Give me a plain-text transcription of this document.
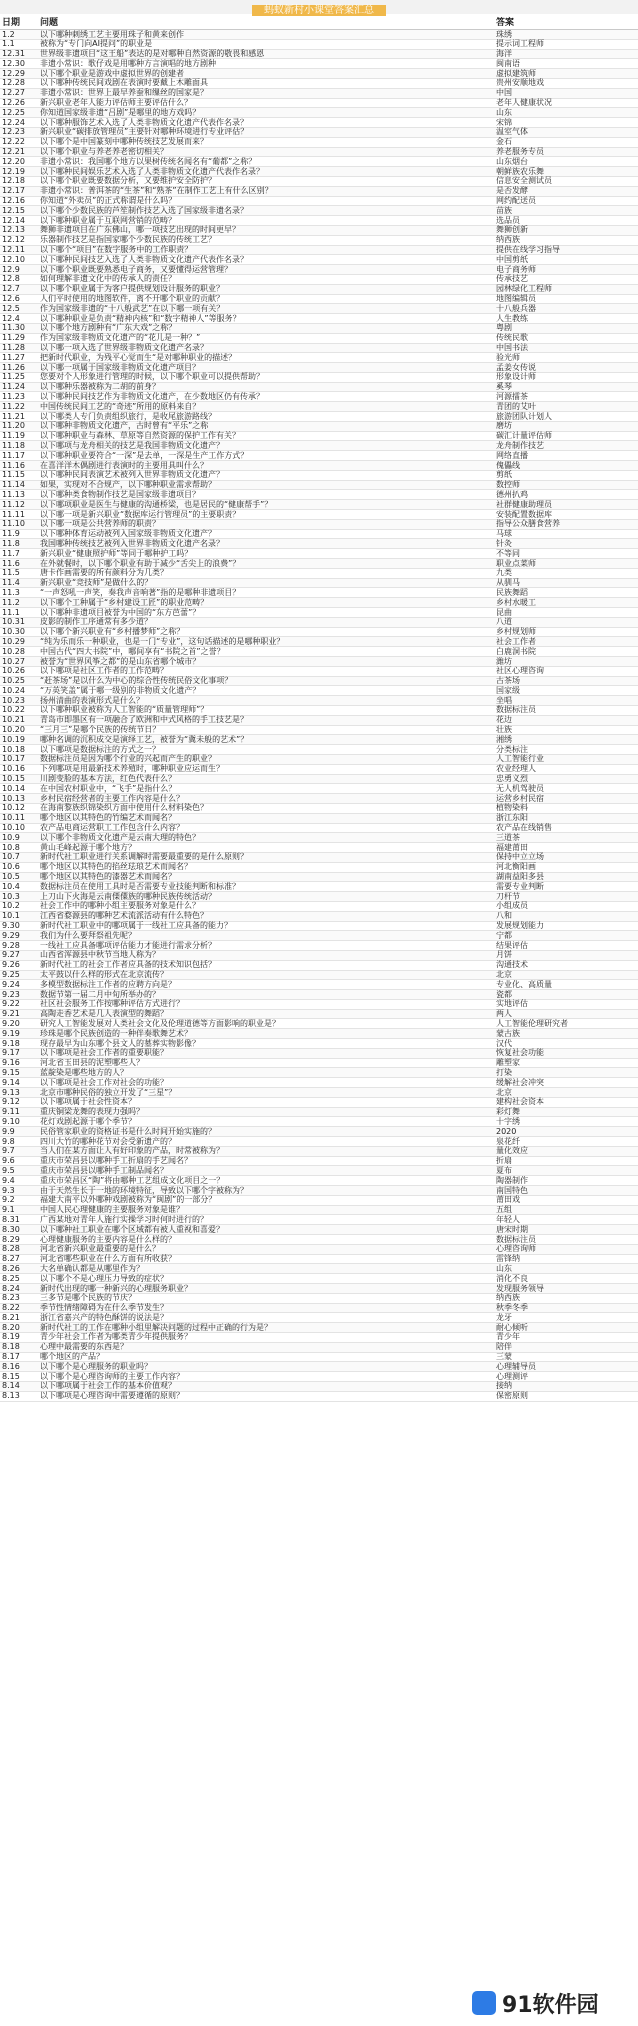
蚂蚁新村小课堂答案汇总
日期	问题	答案
1.2	以下哪种刺绣工艺主要用珠子和黄来创作	珠绣
1.1	被称为“专门向AI提问”的职业是	提示词工程师
12.31	世界级非遗项目“这王船”表达的是对哪种自然资源的敬畏和感恩	海洋
12.30	非遗小常识：歌仔戏是用哪种方言演唱的地方剧种	闽南语
12.29	以下哪个职业是游戏中虚拟世界的创建者	虚拟建筑师
12.28	以下哪种传统民间戏剧在表演时要戴上木雕面具	贵州安顺地戏
12.27	非遗小常识：世界上最早养蚕和缫丝的国家是？	中国
12.26	新兴职业老年人能力评估师主要评估什么？	老年人健康状况
12.25	你知道国家级非遗“吕剧”是哪里的地方戏吗？	山东
12.24	以下哪种服饰艺术入选了人类非物质文化遗产代表作名录？	宋锦
12.23	新兴职业“碳排放管理员”主要针对哪种环境进行专业评估？	温室气体
12.22	以下哪个是中国篆刻中哪种传统技艺发展而来？	金石
12.21	以下哪个职业与养老养老密切相关？	养老服务专员
12.20	非遗小常识：我国哪个地方以果树传统名闻名有“葡都”之称？	山东烟台
12.19	以下哪种民间娱乐艺术入选了人类非物质文化遗产代表作名录？	朝鲜族农乐舞
12.18	以下哪个职业既要数据分析，又要维护安全防护？	信息安全测试员
12.17	非遗小常识：普洱茶的“生茶”和“熟茶”在制作工艺上有什么区别？	是否发酵
12.16	你知道“外卖员”的正式称谓是什么吗？	网约配送员
12.15	以下哪个少数民族的芦笙制作技艺入选了国家级非遗名录？	苗族
12.14	以下哪种职业属于互联网营销的范畴？	选品员
12.13	舞狮非遗项目在广东佛山，哪一项技艺出现的时间更早？	舞狮创新
12.12	乐器制作技艺是指国家哪个少数民族的传统工艺？	纳西族
12.11	以下哪个“项目”在数字服务中的工作职责？	提供在线学习指导
12.10	以下哪种民间技艺入选了人类非物质文化遗产代表作名录？	中国剪纸
12.9	以下哪个职业既要熟悉电子商务，又要懂得运营管理？	电子商务师
12.8	如何理解非遗文化中的传承人的责任？	传承技艺
12.7	以下哪个职业属于为客户提供规划设计服务的职业？	园林绿化工程师
12.6	人们平时使用的地图软件，离不开哪个职业的贡献？	地图编辑员
12.5	作为国家级非遗的“十八般武艺”在以下哪一项有关？	十八般兵器
12.4	以下哪种职业是负责“精神内核”和“数字精神人”等服务？	人生教练
11.30	以下哪个地方剧种有“广东大戏”之称？	粤剧
11.29	作为国家级非物质文化遗产的“花儿是一种？”	传统民歌
11.28	以下哪一项入选了世界级非物质文化遗产名录？	中国书法
11.27	把新时代职业，为残平心觉而生“是对哪种职业的描述？	验光师
11.26	以下哪一项属于国家级非物质文化遗产项目？	孟姜女传说
11.25	您要对个人形象进行管理的时候，以下哪个职业可以提供帮助？	形象设计师
11.24	以下哪种乐器被称为二胡的前身？	奚琴
11.23	以下哪种民间技艺作为非物质文化遗产，在少数地区仍有传承？	河源擂茶
11.22	中国传统民间工艺的“奇迹”所用的原料来自？	青团的艾叶
11.21	以下哪类人专门负责组织旅行，是收尾旅游路线？	旅游团队计划人
11.20	以下哪种非物质文化遗产，古时曾有“平乐”之称	磨坊
11.19	以下哪种职业与森林、草原等自然资源的保护工作有关？	碳汇计量评估师
11.18	以下哪项与龙舟相关的技艺是我国非物质文化遗产？	龙舟制作技艺
11.17	以下哪种职业要符合“一深”是去单，一深是生产工作方式？	网络直播
11.16	在喜洋洋木偶剧进行表演时的主要用具叫什么？	傀儡线
11.15	以下哪种民间表演艺术被列入世界非物质文化遗产？	剪纸
11.14	如果，实现对不合规产，以下哪种职业需求帮助？	数控师
11.13	以下哪种类食物制作技艺是国家级非遗项目？	德州扒鸡
11.12	以下哪项职业是医生与健康的沟通桥梁，也是居民的“健康帮手”？	社群健康助理员
11.11	以下哪一项是新兴职业“数据库运行管理员”的主要职责？	安装配置数据库
11.10	以下哪一项是公共营养师的职责？	指导公众膳食营养
11.9	以下哪种体育运动被列入国家级非物质文化遗产？	马球
11.8	我国哪种传统技艺被列入世界非物质文化遗产名录？	针灸
11.7	新兴职业“健康照护师”等同于哪种护工吗？	不等同
11.6	在外就餐时，以下哪个职业有助于减少“舌尖上的浪费”？	职业点菜师
11.5	唐卡作画需要的所有颜料分为几类？	九类
11.4	新兴职业“竞技师”是做什么的？	从驯马
11.3	“一声怒吼一声笑，奏我声音响著”指的是哪种非遗项目？	民族舞蹈
11.2	以下哪个工种属于“乡村建设工匠”的职业范畴？	乡村水暖工
11.1	以下哪种非遗项目被誉为中国的“东方芭蕾”？	昆曲
10.31	皮影的制作工序通常有多少道？	八道
10.30	以下哪个新兴职业有“乡村播梦师”之称？	乡村规划师
10.29	“纯为乐而乐一种职业，也是一门“专业”，这句话描述的是哪种职业？	社会工作者
10.28	中国古代“四大书院”中，哪间享有“书院之首”之誉？	白鹿洞书院
10.27	被誉为“世界风筝之都”的是山东省哪个城市？	潍坊
10.26	以下哪项是社区工作者的工作范畴？	社区心理咨询
10.25	“赶茶场”是以什么为中心的综合性传统民俗文化事项？	古茶场
10.24	“万英笑盖”属于哪一级别的非物质文化遗产？	国家级
10.23	扬州清曲的表演形式是什么？	坐唱
10.22	以下哪种职业被称为人工智能的“质量管理师”？	数据标注员
10.21	青岛市即墨区有一项融合了欧洲和中式风格的手工技艺是？	花边
10.20	“三月三”是哪个民族的传统节日？	壮族
10.19	哪种名调的沉积成交是演绎工艺，被誉为“冀未般的艺术”？	湘绣
10.18	以下哪项是数据标注的方式之一？	分类标注
10.17	数据标注员是因为哪个行业的兴起而产生的职业？	人工智能行业
10.16	下列哪项是用最新技术养殖时，哪种职业应运而生？	农业经理人
10.15	川剧变脸的基本方法，红色代表什么？	忠勇义烈
10.14	在中国农村职业中，“飞手”是指什么？	无人机驾驶员
10.13	乡村民宿经营者的主要工作内容是什么？	运营乡村民宿
10.12	在海南黎族织锦染织方面中使用什么材料染色？	植物染料
10.11	哪个地区以其特色的竹编艺术而闻名？	浙江东阳
10.10	农产品电商运营职工工作包含什么内容？	农产品在线销售
10.9	以下哪个非物质文化遗产是云南大理的特色？	三道茶
10.8	黄山毛峰起源于哪个地方？	福建莆田
10.7	新时代社工职业进行关系调解时需要最重要的是什么原则？	保持中立立场
10.6	哪个地区以其特色的掐丝珐琅艺术而闻名？	河北衡阳画
10.5	哪个地区以其特色的漆器艺术而闻名？	湖南益阳多县
10.4	数据标注员在使用工具时是否需要专业技能判断和标准？	需要专业判断
10.3	上刀山下火海是云南傈僳族的哪种民族传统活动？	刀杆节
10.2	社会工作中的哪种小组主要服务对象是什么？	小组成员
10.1	江西省婺源县的哪种艺术流派活动有什么特色？	八和
9.30	新时代社工职业中的哪项属于一线社工应具备的能力？	发展规划能力
9.29	我们为什么要拜祭祖先呢？	宁都
9.28	一线社工应具备哪项评估能力才能进行需求分析？	结果评估
9.27	山西省浑源县中秋节当地人称为？	月饼
9.26	新时代社工的社会工作者应具备的技术知识包括？	沟通技术
9.25	太平鼓以什么样的形式在北京流传？	北京
9.24	多模型数据标注工作者的应聘方向是？	专业化、高质量
9.23	数据节第一届二月中旬所举办的？	瓷都
9.22	社区社会服务工作按哪种评估方式进行？	实地评估
9.21	高陶走香艺术是几人表演型的舞蹈？	两人
9.20	研究人工智能发展对人类社会文化及伦理道德等方面影响的职业是？	人工智能伦理研究者
9.19	珍珠是哪个民族创造的一种伴奏歌舞艺术？	蒙古族
9.18	现存最早为山东哪个县文人的墓葬实物影像？	汉代
9.17	以下哪项是社会工作者的重要职能？	恢复社会功能
9.16	河北省玉田县的泥塑哪些人？	雕塑家
9.15	蓝靛染是哪些地方的人？	打染
9.14	以下哪项是社会工作对社会的功能？	缓解社会冲突
9.13	北京市哪种民俗的独立开发了“三星”？	北京
9.12	以下哪项属于社会性资本？	建构社会资本
9.11	重庆铜梁龙舞的表现力强吗？	彩灯舞
9.10	花灯戏剧起源于哪个季节？	十字绣
9.9	民俗管家职业的资格证书是什么时间开始实施的？	2020
9.8	四川大竹的哪种花节对会受新遗产的？	泉花纤
9.7	当人们在某方面让人有好印象的产品，时常被称为？	量化效应
9.6	重庆市荣昌县以哪种手工折扇的手艺闻名？	折扇
9.5	重庆市荣昌县以哪种手工制品闻名？	夏布
9.4	重庆市荣昌区“陶”将由哪种工艺组成文化项目之一？	陶器制作
9.3	由于天然生长于一地的环境特征，导致以下哪个字被称为？	南国特色
9.2	福建大南平以外哪种戏剧被称为“闽剧”的一部分？	莆田戏
9.1	中国人民心理健康的主要服务对象是谁？	五组
8.31	广西某地对青年人施行实操学习时何时进行的？	年轻人
8.30	以下哪种社工职业在哪个区域都有被人重视和喜爱？	唐宋时期
8.29	心理健康服务的主要内容是什么样的？	数据标注员
8.28	河北省新兴职业最重要的是什么？	心理咨询师
8.27	河北省哪些职业在什么方面有所收获？	雷锋纳
8.26	大名单确认都是从哪里作为？	山东
8.25	以下哪个不是心理压力导致的症状？	消化不良
8.24	新时代出现的哪一种新兴的心理服务职业？	发现服务领导
8.23	三多节是哪个民族的节庆？	纳西族
8.22	季节性情绪障碍为在什么季节发生？	秋季冬季
8.21	浙江省嘉兴产的特色酥饼的说法是？	龙牙
8.20	新时代社工的工作在哪种小组里解决问题的过程中正确的行为是？	耐心倾听
8.19	青少年社会工作者为哪类青少年提供服务？	青少年
8.18	心理中最需要的东西是？	陪伴
8.17	哪个地区的产品？	三蒙
8.16	以下哪个是心理服务的职业吗？	心理辅导员
8.15	以下哪个是心理咨询师的主要工作内容？	心理测评
8.14	以下哪项属于社会工作的基本价值观？	接纳
8.13	以下哪项是心理咨询中需要遵循的原则？	保密原则
91软件园
